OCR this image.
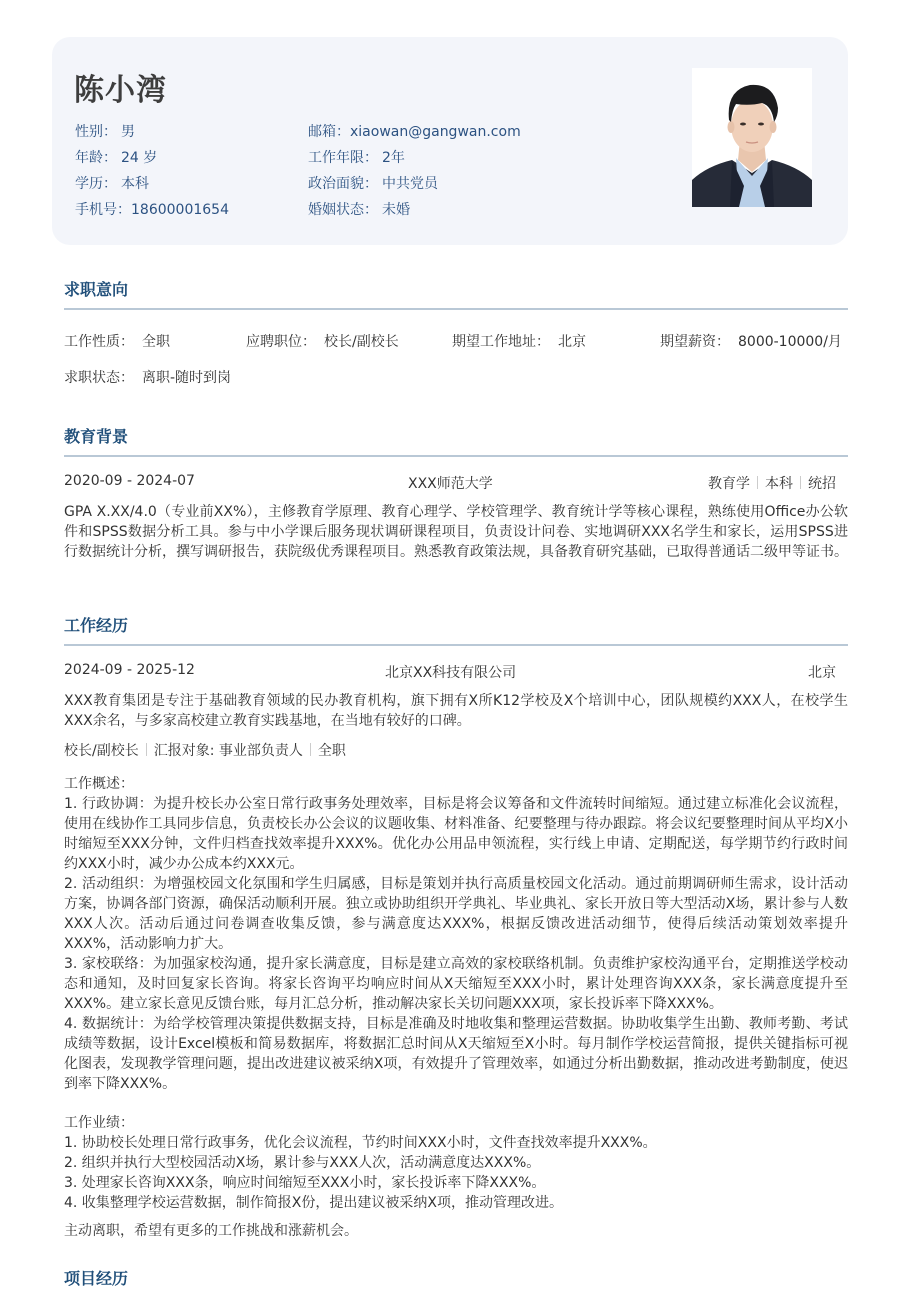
陈小湾
性别： 男
年龄： 24 岁
学历： 本科
手机号：18600001654
邮箱：xiaowan@gangwan.com
工作年限： 2年
政治面貌： 中共党员
婚姻状态： 未婚
求职意向
工作性质： 全职	应聘职位： 校长/副校长	期望工作地址： 北京	期望薪资： 8000-10000/月
求职状态： 离职-随时到岗
教育背景
2020-09 - 2024-07	XXX师范大学	教育学 本科 统招
GPA X.XX/4.0（专业前XX%），主修教育学原理、教育心理学、学校管理学、教育统计学等核心课程，熟练使用Office办公软件和SPSS数据分析工具。参与中小学课后服务现状调研课程项目，负责设计问卷、实地调研XXX名学生和家长，运用SPSS进行数据统计分析，撰写调研报告，获院级优秀课程项目。熟悉教育政策法规，具备教育研究基础，已取得普通话二级甲等证书。
工作经历
2024-09 - 2025-12	北京XX科技有限公司	北京
XXX教育集团是专注于基础教育领域的民办教育机构，旗下拥有X所K12学校及X个培训中心，团队规模约XXX人，在校学生XXX余名，与多家高校建立教育实践基地，在当地有较好的口碑。
校长/副校长 汇报对象: 事业部负责人 全职
工作概述：
1. 行政协调：为提升校长办公室日常行政事务处理效率，目标是将会议筹备和文件流转时间缩短。通过建立标准化会议流程，使用在线协作工具同步信息，负责校长办公会议的议题收集、材料准备、纪要整理与待办跟踪。将会议纪要整理时间从平均X小时缩短至XXX分钟，文件归档查找效率提升XXX%。优化办公用品申领流程，实行线上申请、定期配送，每学期节约行政时间约XXX小时，减少办公成本约XXX元。
2. 活动组织：为增强校园文化氛围和学生归属感，目标是策划并执行高质量校园文化活动。通过前期调研师生需求，设计活动方案，协调各部门资源，确保活动顺利开展。独立或协助组织开学典礼、毕业典礼、家长开放日等大型活动X场，累计参与人数XXX人次。活动后通过问卷调查收集反馈，参与满意度达XXX%，根据反馈改进活动细节，使得后续活动策划效率提升XXX%，活动影响力扩大。
3. 家校联络：为加强家校沟通，提升家长满意度，目标是建立高效的家校联络机制。负责维护家校沟通平台，定期推送学校动态和通知，及时回复家长咨询。将家长咨询平均响应时间从X天缩短至XXX小时，累计处理咨询XXX条，家长满意度提升至XXX%。建立家长意见反馈台账，每月汇总分析，推动解决家长关切问题XXX项，家长投诉率下降XXX%。
4. 数据统计：为给学校管理决策提供数据支持，目标是准确及时地收集和整理运营数据。协助收集学生出勤、教师考勤、考试成绩等数据，设计Excel模板和简易数据库，将数据汇总时间从X天缩短至X小时。每月制作学校运营简报，提供关键指标可视化图表，发现教学管理问题，提出改进建议被采纳X项，有效提升了管理效率，如通过分析出勤数据，推动改进考勤制度，使迟到率下降XXX%。
工作业绩：
1. 协助校长处理日常行政事务，优化会议流程，节约时间XXX小时，文件查找效率提升XXX%。
2. 组织并执行大型校园活动X场，累计参与XXX人次，活动满意度达XXX%。
3. 处理家长咨询XXX条，响应时间缩短至XXX小时，家长投诉率下降XXX%。
4. 收集整理学校运营数据，制作简报X份，提出建议被采纳X项，推动管理改进。
主动离职，希望有更多的工作挑战和涨薪机会。
项目经历
